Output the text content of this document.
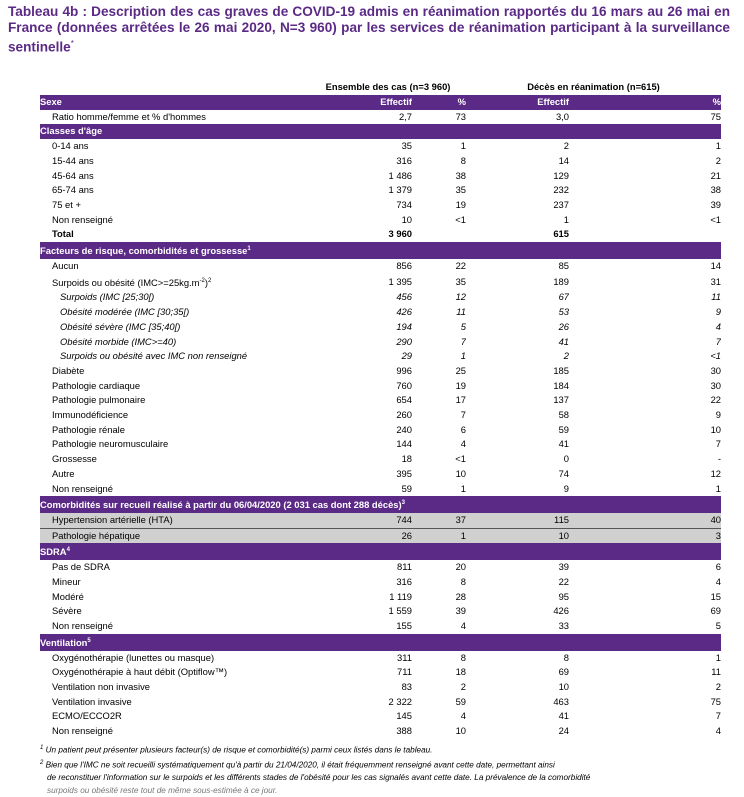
Tableau 4b : Description des cas graves de COVID-19 admis en réanimation rapportés du 16 mars au 26 mai en France (données arrêtées le 26 mai 2020, N=3 960) par les services de réanimation participant à la surveillance sentinelle*
	Ensemble des cas (n=3 960)		Décès en réanimation (n=615)	
Sexe	Effectif	%	Effectif	%
Ratio homme/femme et % d'hommes	2,7	73	3,0	75
Classes d'âge				
0-14 ans	35	1	2	1
15-44 ans	316	8	14	2
45-64 ans	1 486	38	129	21
65-74 ans	1 379	35	232	38
75 et +	734	19	237	39
Non renseigné	10	<1	1	<1
Total	3 960		615	
Facteurs de risque, comorbidités et grossesse$^1$
Aucun	856	22	85	14
Surpoids ou obésité $(IMC>=25kg.m^{-2})^2$	1 395	35	189	31
Surpoids (IMC [25;30[)	456	12	67	11
Obésité modérée (IMC [30;35[)	426	11	53	9
Obésité sévère (IMC [35;40[)	194	5	26	4
Obésité morbide (IMC>=40)	290	7	41	7
Surpoids ou obésité avec IMC non renseigné	29	1	2	<1
Diabète	996	25	185	30
Pathologie cardiaque	760	19	184	30
Pathologie pulmonaire	654	17	137	22
Immunodéficience	260	7	58	9
Pathologie rénale	240	6	59	10
Pathologie neuromusculaire	144	4	41	7
Grossesse	18	<1	0	-
Autre	395	10	74	12
Non renseigné	59	1	9	1
Comorbidités sur recueil réalisé à partir du 06/04/2020 (2 031 cas dont 288 décès)$^3$
Hypertension artérielle (HTA)	744	37	115	40
Pathologie hépatique	26	1	10	3
SDRA$^4$
Pas de SDRA	811	20	39	6
Mineur	316	8	22	4
Modéré	1 119	28	95	15
Sévère	1 559	39	426	69
Non renseigné	155	4	33	5
Ventilation$^5$
Oxygénothérapie (lunettes ou masque)	311	8	8	1
Oxygénothérapie à haut débit (Optiflow™)	711	18	69	11
Ventilation non invasive	83	2	10	2
Ventilation invasive	2 322	59	463	75
ECMO/ECCO2R	145	4	41	7
Non renseigné	388	10	24	4

$^1$ Un patient peut présenter plusieurs facteur(s) de risque et comorbidité(s) parmi ceux listés dans le tableau.

$^2$ Bien que l'IMC ne soit recueilli systématiquement qu'à partir du 21/04/2020, il était fréquemment renseigné avant cette date, permettant ainsi

de reconstituer l'information sur le surpoids et les différents stades de l'obésité pour les cas signalés avant cette date. La prévalence de la comorbidité

surpoids ou obésité reste tout de même sous-estimée à ce jour.
